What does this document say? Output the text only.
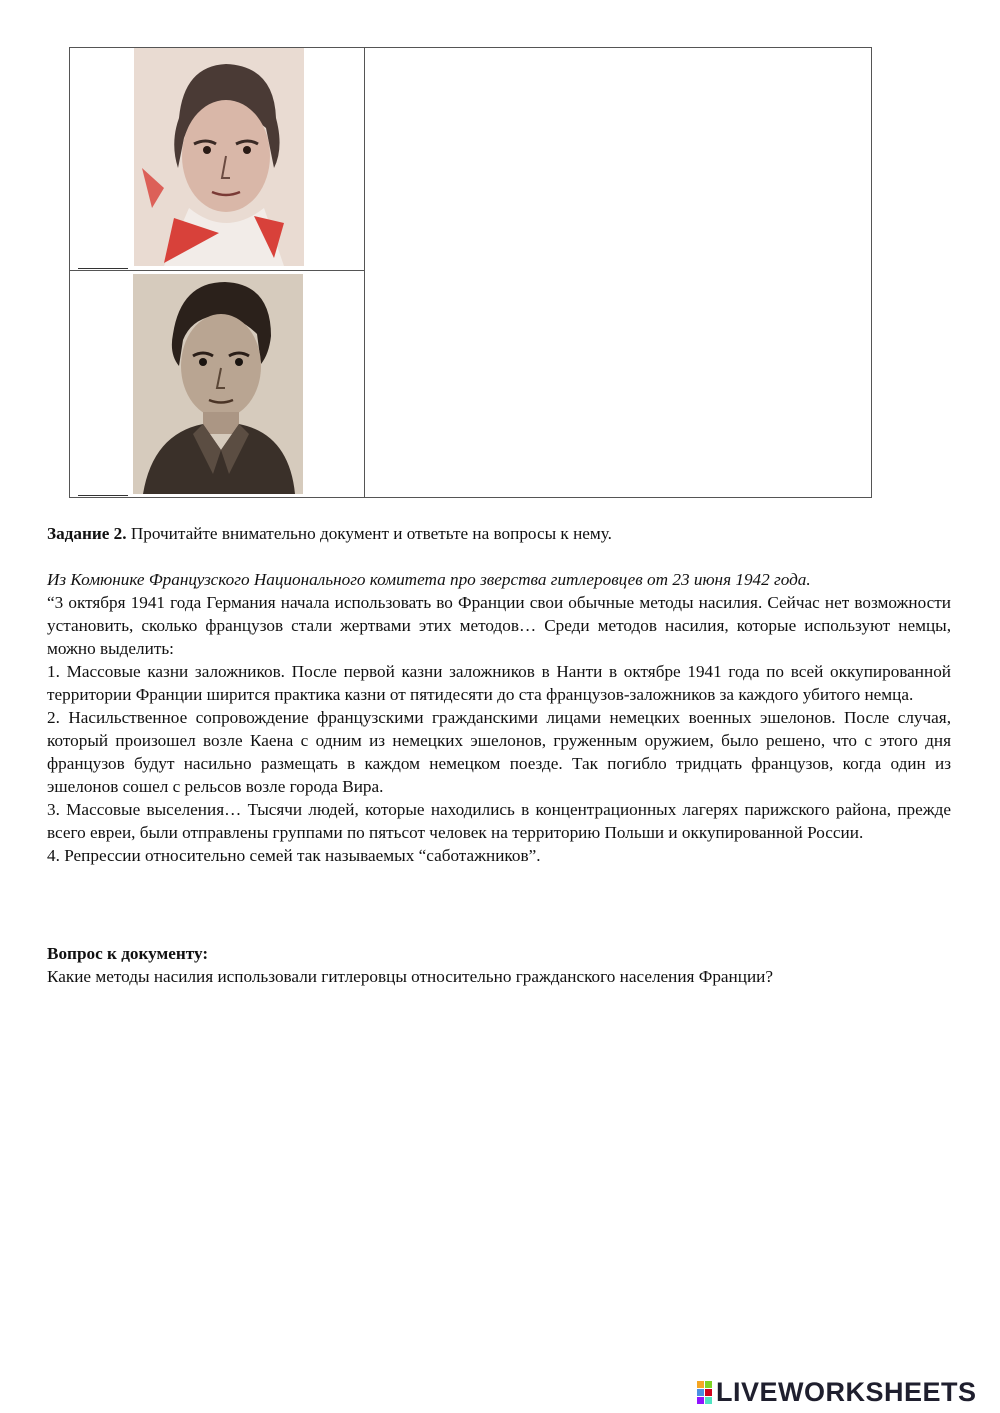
Задание 2. Прочитайте внимательно документ и ответьте на вопросы к нему.

Из Комюнике Французского Национального комитета про зверства гитлеровцев от 23 июня 1942 года.

“3 октября 1941 года Германия начала использовать во Франции свои обычные методы насилия. Сейчас нет возможности установить, сколько французов стали жертвами этих методов… Среди методов насилия, которые используют немцы, можно выделить:

1. Массовые казни заложников. После первой казни заложников в Нанти в октябре 1941 года по всей оккупированной территории Франции ширится практика казни от пятидесяти до ста французов-заложников за каждого убитого немца.

2. Насильственное сопровождение французскими гражданскими лицами немецких военных эшелонов. После случая, который произошел возле Каена с одним из немецких эшелонов, груженным оружием, было решено, что с этого дня французов будут насильно размещать в каждом немецком поезде. Так погибло тридцать французов, когда один из эшелонов сошел с рельсов возле города Вира.

3. Массовые выселения… Тысячи людей, которые находились в концентрационных лагерях парижского района, прежде всего евреи, были отправлены группами по пятьсот человек на территорию Польши и оккупированной России.

4. Репрессии относительно семей так называемых “саботажников”.

Вопрос к документу:

Какие методы насилия использовали гитлеровцы относительно гражданского населения Франции?

LIVEWORKSHEETS
